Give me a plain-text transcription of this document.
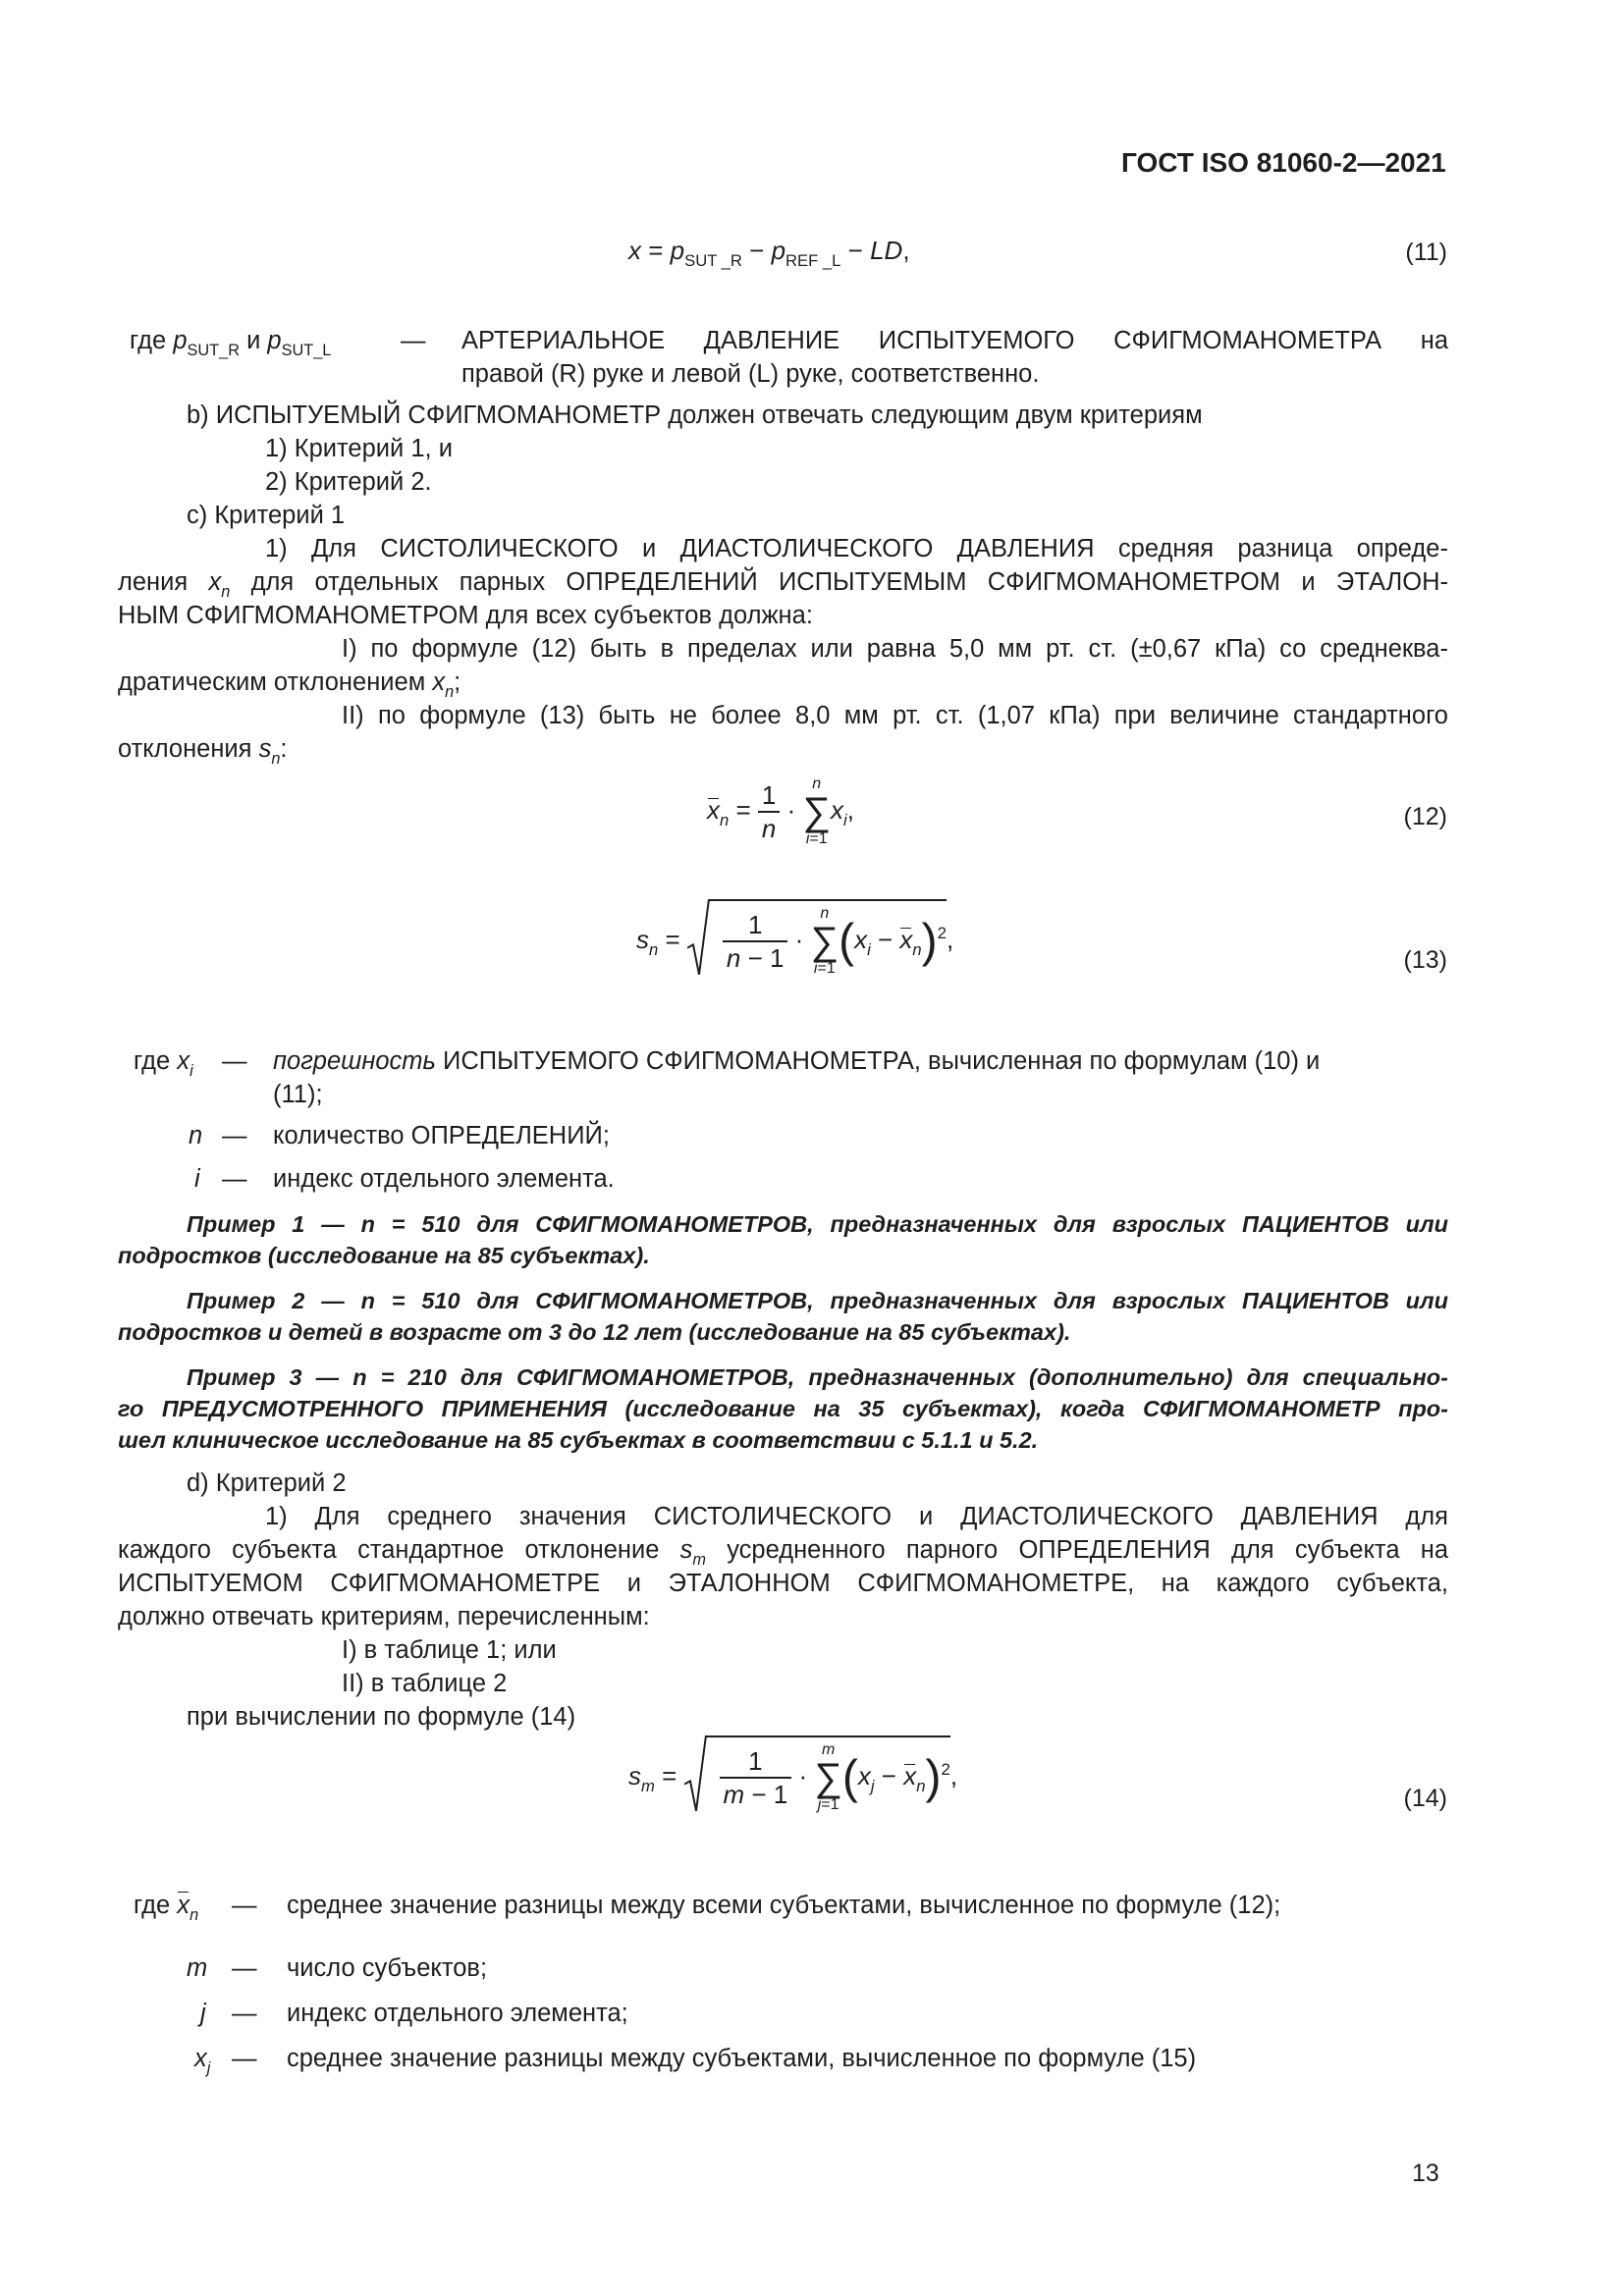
ГОСТ ISO 81060-2—2021
$x = p_{SUT \_R} - p_{REF \_L}$ − LD,	(11)
где $p_{SUT\_R}$ и $p_{SUT\_L}$	— АРТЕРИАЛЬНОЕ ДАВЛЕНИЕ ИСПЫТУЕМОГО СФИГМОМАНОМЕТРА на
правой (R) руке и левой (L) руке, соответственно.
b) ИСПЫТУЕМЫЙ СФИГМОМАНОМЕТР должен отвечать следующим двум критериям
1) Критерий 1, и
2) Критерий 2.
c) Критерий 1
1) Для СИСТОЛИЧЕСКОГО и ДИАСТОЛИЧЕСКОГО ДАВЛЕНИЯ средняя разница опреде-
ления $x_n$ для отдельных парных ОПРЕДЕЛЕНИЙ ИСПЫТУЕМЫМ СФИГМОМАНОМЕТРОМ и ЭТАЛОН-
НЫМ СФИГМОМАНОМЕТРОМ для всех субъектов должна:
I) по формуле (12) быть в пределах или равна 5,0 мм рт. ст. (±0,67 кПа) со среднеква-
дратическим отклонением $x_n$;
II) по формуле (13) быть не более 8,0 мм рт. ст. (1,07 кПа) при величине стандартного
отклонения $s_n$:
$x_n = \frac{1}{n} \cdot n$
∑
$i=1x_i$,	(12)
$s_n = \frac{1}{n - 1} \cdot n$
∑
$i=1(x_i - x_n)^2$,
(13)
где $x_i$ — погрешность ИСПЫТУЕМОГО СФИГМОМАНОМЕТРА, вычисленная по формулам (10) и
(11);
n — количество ОПРЕДЕЛЕНИЙ;
i — индекс отдельного элемента.
Пример 1 — n = 510 для СФИГМОМАНОМЕТРОВ, предназначенных для взрослых ПАЦИЕНТОВ или
подростков (исследование на 85 субъектах).
Пример 2 — n = 510 для СФИГМОМАНОМЕТРОВ, предназначенных для взрослых ПАЦИЕНТОВ или
подростков и детей в возрасте от 3 до 12 лет (исследование на 85 субъектах).
Пример 3 — n = 210 для СФИГМОМАНОМЕТРОВ, предназначенных (дополнительно) для специально-
го ПРЕДУСМОТРЕННОГО ПРИМЕНЕНИЯ (исследование на 35 субъектах), когда СФИГМОМАНОМЕТР про-
шел клиническое исследование на 85 субъектах в соответствии с 5.1.1 и 5.2.
d) Критерий 2
1) Для среднего значения СИСТОЛИЧЕСКОГО и ДИАСТОЛИЧЕСКОГО ДАВЛЕНИЯ для
каждого субъекта стандартное отклонение $s_m$ усредненного парного ОПРЕДЕЛЕНИЯ для субъекта на
ИСПЫТУЕМОМ СФИГМОМАНОМЕТРЕ и ЭТАЛОННОМ СФИГМОМАНОМЕТРЕ, на каждого субъекта,
должно отвечать критериям, перечисленным:
I) в таблице 1; или
II) в таблице 2
при вычислении по формуле (14)
$s_m = \frac{1}{m - 1} \cdot m$
∑
$j=1(x_j - x_n)^2$,
(14)
где $x_n$ — среднее значение разницы между всеми субъектами, вычисленное по формуле (12);
m — число субъектов;
j — индекс отдельного элемента;
$x_j$ — среднее значение разницы между субъектами, вычисленное по формуле (15)
13
